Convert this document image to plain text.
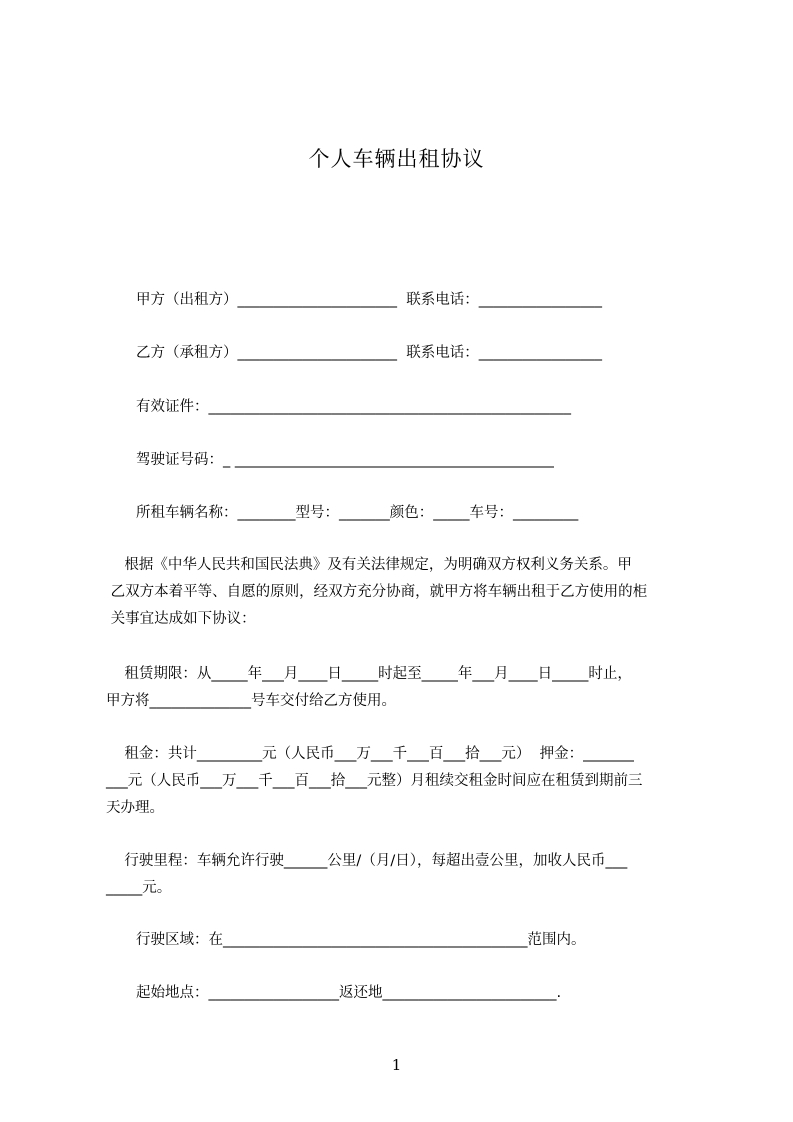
个人车辆出租协议
甲方（出租方）______________________  联系电话：_________________
乙方（承租方）______________________  联系电话：_________________
有效证件：__________________________________________________
驾驶证号码：_ ____________________________________________
所租车辆名称：________型号：_______颜色：_____车号：_________
根据《中华人民共和国民法典》及有关法律规定，为明确双方权利义务关系。甲
乙双方本着平等、自愿的原则，经双方充分协商，就甲方将车辆出租于乙方使用的柜
关事宜达成如下协议：
租赁期限：从_____年___月____日_____时起至_____年___月____日_____时止，
甲方将______________号车交付给乙方使用。
租金：共计_________元（人民币___万___千___百___拾___元）  押金：_______
___元（人民币___万___千___百___拾___元整）月租续交租金时间应在租赁到期前三
天办理。
行驶里程：车辆允许行驶______公里/（月/日），每超出壹公里，加收人民币___
_____元。
行驶区域：在__________________________________________范围内。
起始地点：__________________返还地________________________.
1
